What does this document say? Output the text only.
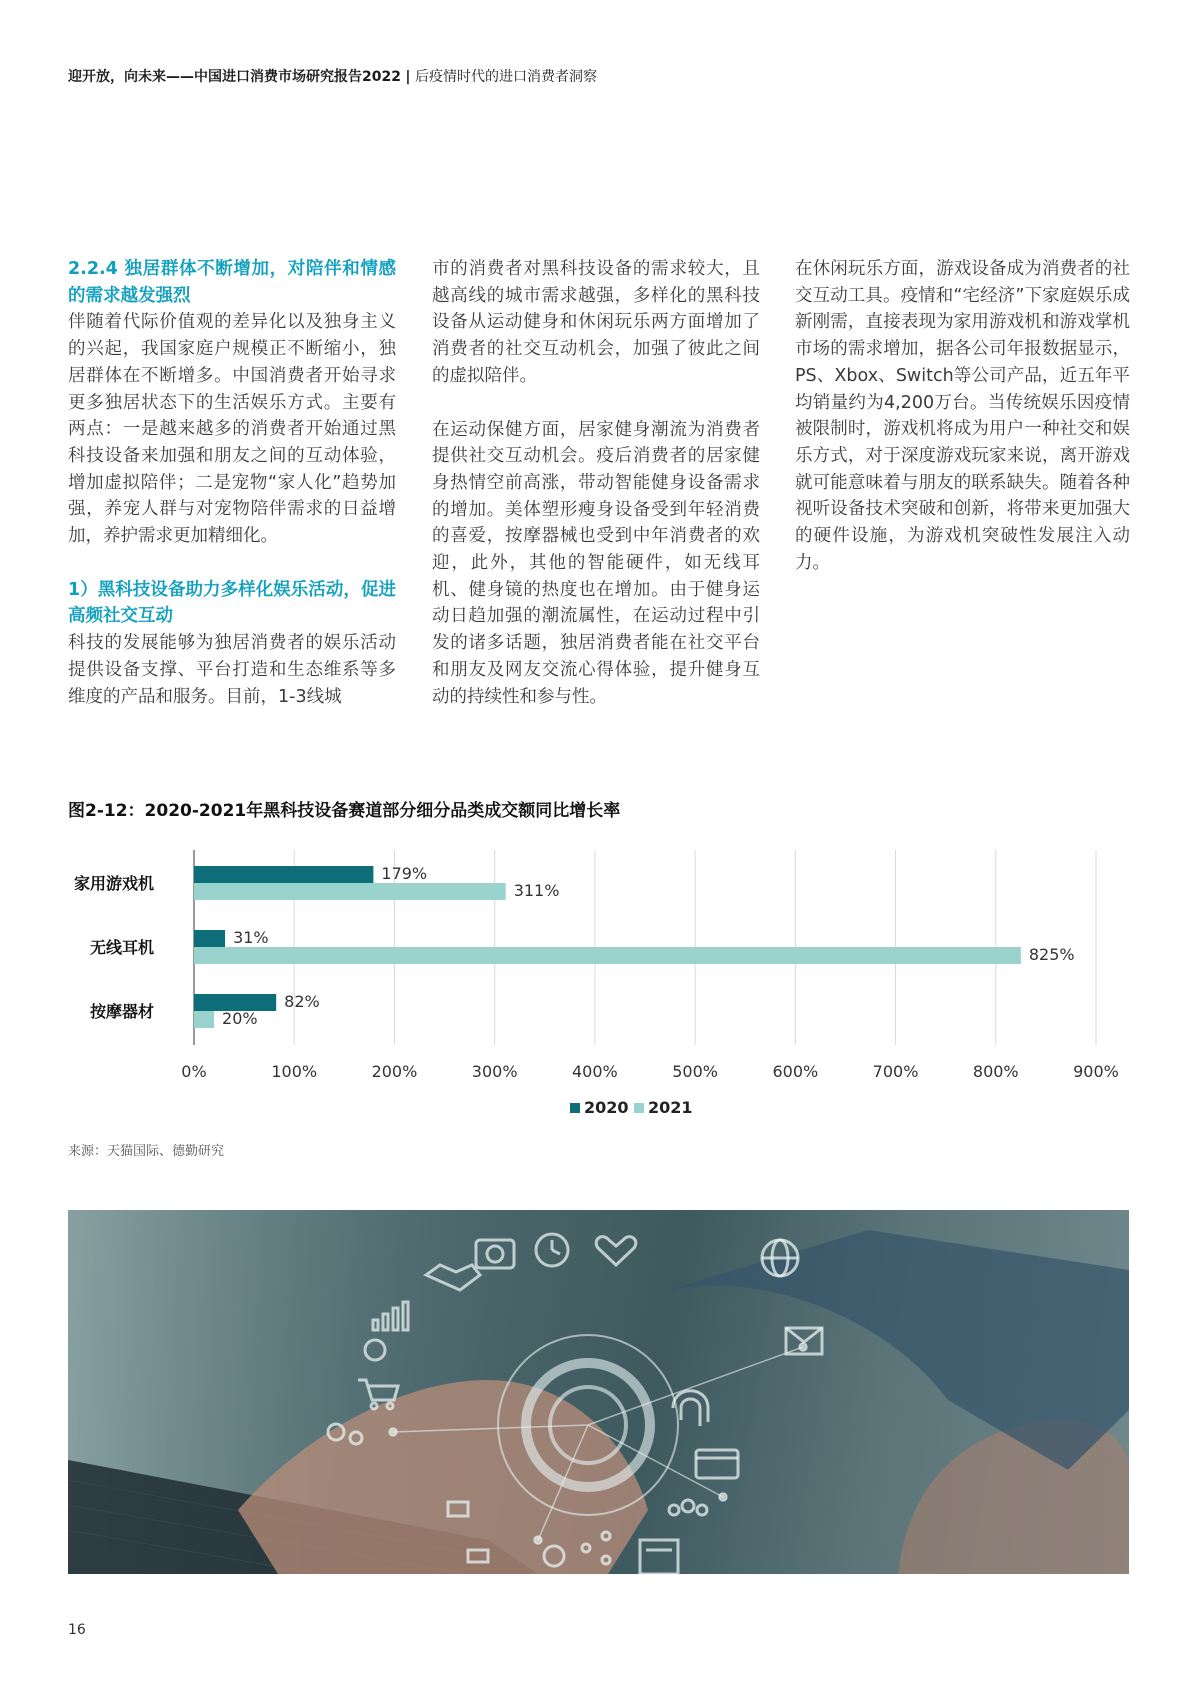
迎开放，向未来——中国进口消费市场研究报告2022 | 后疫情时代的进口消费者洞察

2.2.4 独居群体不断增加，对陪伴和情感的需求越发强烈

伴随着代际价值观的差异化以及独身主义的兴起，我国家庭户规模正不断缩小，独居群体在不断增多。中国消费者开始寻求更多独居状态下的生活娱乐方式。主要有两点：一是越来越多的消费者开始通过黑科技设备来加强和朋友之间的互动体验，增加虚拟陪伴；二是宠物“家人化”趋势加强，养宠人群与对宠物陪伴需求的日益增加，养护需求更加精细化。

1）黑科技设备助力多样化娱乐活动，促进高频社交互动

科技的发展能够为独居消费者的娱乐活动提供设备支撑、平台打造和生态维系等多维度的产品和服务。目前，1-3线城

市的消费者对黑科技设备的需求较大，且越高线的城市需求越强，多样化的黑科技设备从运动健身和休闲玩乐两方面增加了消费者的社交互动机会，加强了彼此之间的虚拟陪伴。

在运动保健方面，居家健身潮流为消费者提供社交互动机会。疫后消费者的居家健身热情空前高涨，带动智能健身设备需求的增加。美体塑形瘦身设备受到年轻消费的喜爱，按摩器械也受到中年消费者的欢迎，此外，其他的智能硬件，如无线耳机、健身镜的热度也在增加。由于健身运动日趋加强的潮流属性，在运动过程中引发的诸多话题，独居消费者能在社交平台和朋友及网友交流心得体验，提升健身互动的持续性和参与性。

在休闲玩乐方面，游戏设备成为消费者的社交互动工具。疫情和“宅经济”下家庭娱乐成新刚需，直接表现为家用游戏机和游戏掌机市场的需求增加，据各公司年报数据显示，PS、Xbox、Switch等公司产品，近五年平均销量约为4,200万台。当传统娱乐因疫情被限制时，游戏机将成为用户一种社交和娱乐方式，对于深度游戏玩家来说，离开游戏就可能意味着与朋友的联系缺失。随着各种视听设备技术突破和创新，将带来更加强大的硬件设施，为游戏机突破性发展注入动力。

图2-12：2020-2021年黑科技设备赛道部分细分品类成交额同比增长率
0%	100%	200%	300%	400%	500%	600%	700%	800%	900%
家用游戏机
179%
311%
无线耳机
31%
825%
按摩器材
82%
20%
2020 2021
来源：天猫国际、德勤研究
16
